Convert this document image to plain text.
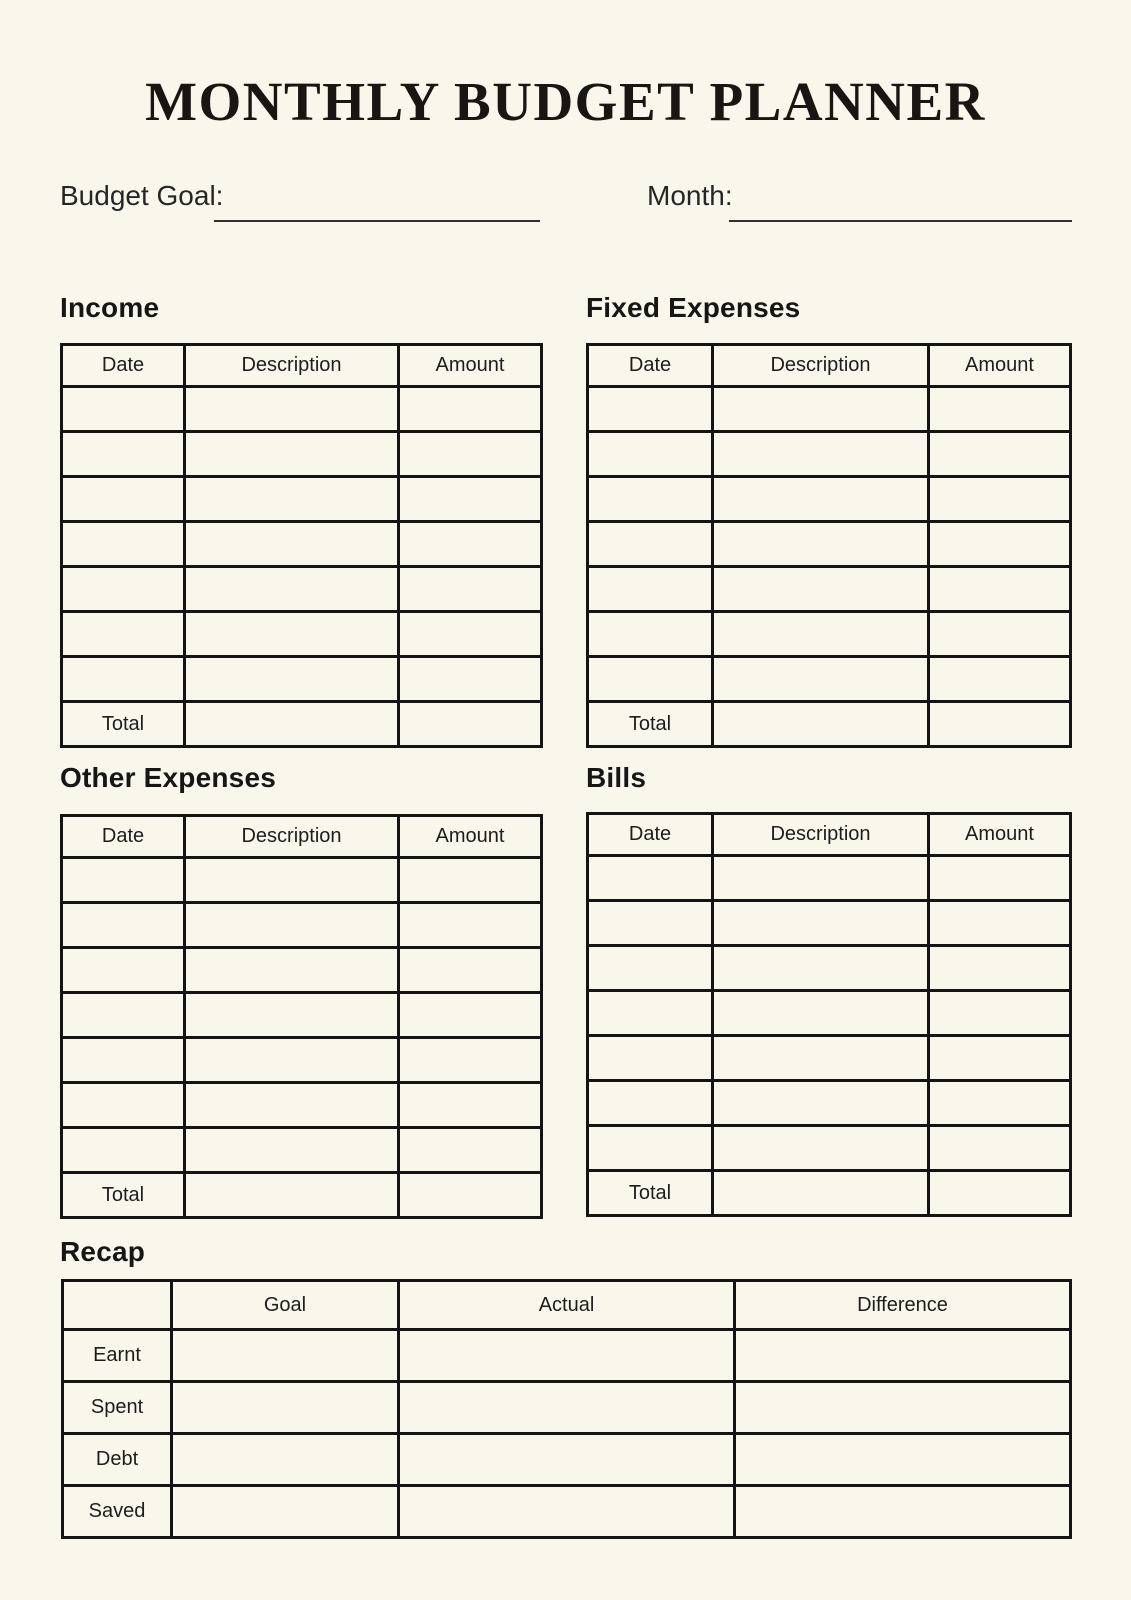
MONTHLY BUDGET PLANNER

Budget Goal:	Month:

Income
Date	Description	Amount

Total		
Fixed Expenses
Date	Description	Amount

Total		
Other Expenses
Date	Description	Amount

Total		
Bills
Date	Description	Amount

Total		
Recap
	Goal	Actual	Difference
Earnt			
Spent			
Debt			
Saved			
